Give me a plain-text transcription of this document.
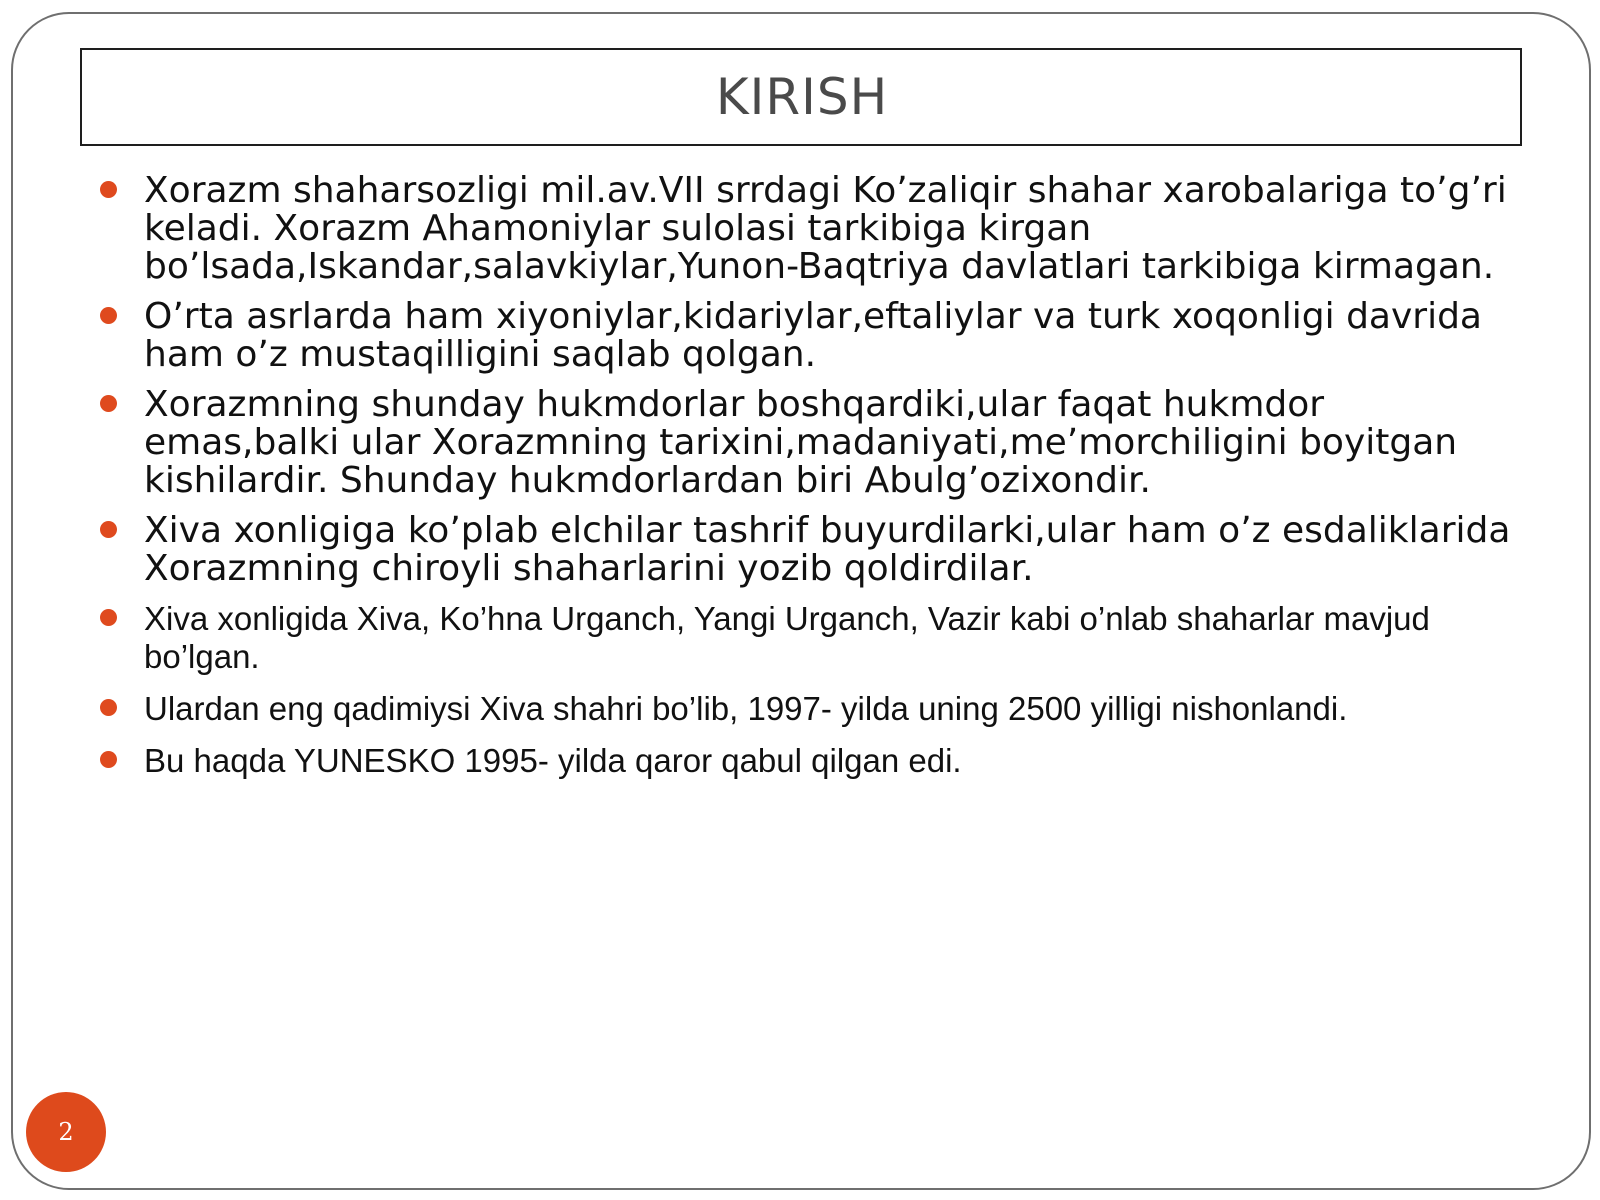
KIRISH
Xorazm shaharsozligi mil.av.VII srrdagi Ko’zaliqir shahar xarobalariga to’g’ri keladi. Xorazm Ahamoniylar sulolasi tarkibiga kirgan bo’lsada,Iskandar,salavkiylar,Yunon-Baqtriya davlatlari tarkibiga kirmagan.
O’rta asrlarda ham xiyoniylar,kidariylar,eftaliylar va turk xoqonligi davrida ham o’z mustaqilligini saqlab qolgan.
Xorazmning shunday hukmdorlar boshqardiki,ular faqat hukmdor emas,balki ular Xorazmning tarixini,madaniyati,me’morchiligini boyitgan kishilardir. Shunday hukmdorlardan biri Abulg’ozixondir.
Xiva xonligiga ko’plab elchilar tashrif buyurdilarki,ular ham o’z esdaliklarida Xorazmning chiroyli shaharlarini yozib qoldirdilar.
Xiva xonligida Xiva, Ko’hna Urganch, Yangi Urganch, Vazir kabi o’nlab shaharlar mavjud bo’lgan.
Ulardan eng qadimiysi Xiva shahri bo’lib, 1997- yilda uning 2500 yilligi nishonlandi.
Bu haqda YUNESKO 1995- yilda qaror qabul qilgan edi.
2
